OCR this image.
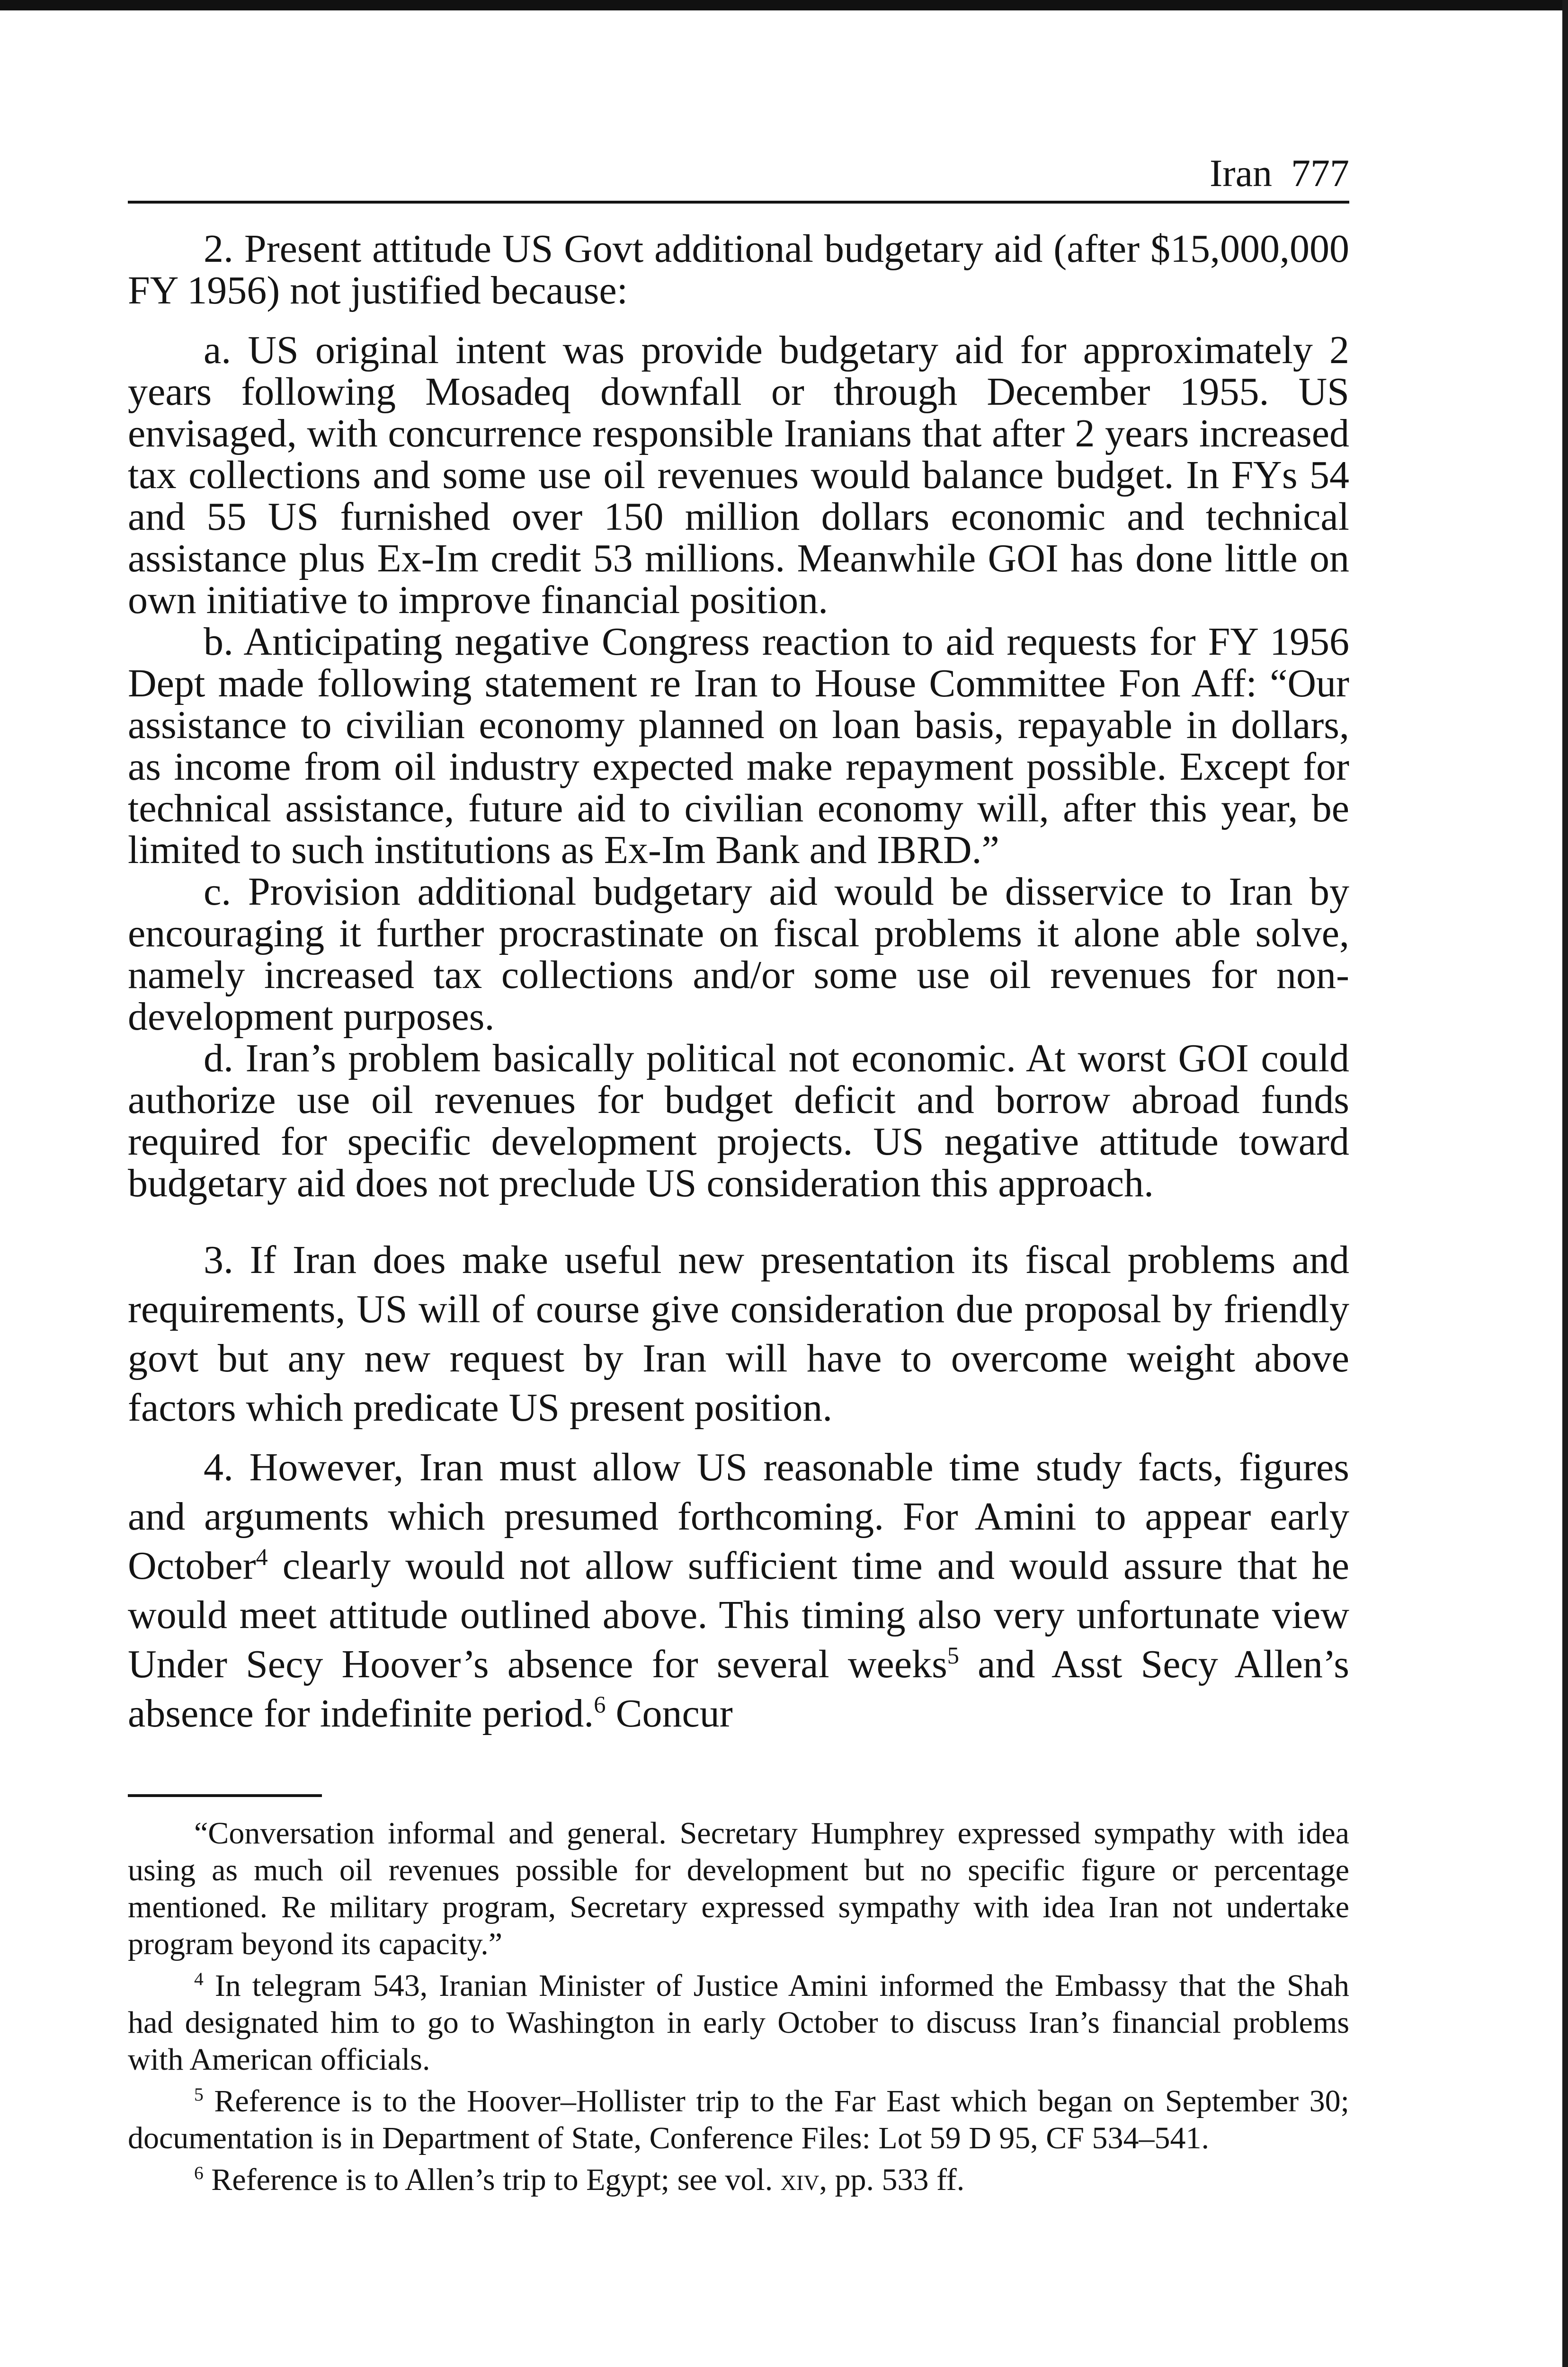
Iran 777

2. Present attitude US Govt additional budgetary aid (after $15,000,000 FY 1956) not justified because:

a. US original intent was provide budgetary aid for approximately 2 years following Mosadeq downfall or through December 1955. US envisaged, with concurrence responsible Iranians that after 2 years increased tax collections and some use oil revenues would balance budget. In FYs 54 and 55 US furnished over 150 million dollars economic and technical assistance plus Ex-Im credit 53 millions. Meanwhile GOI has done little on own initiative to improve financial position.

b. Anticipating negative Congress reaction to aid requests for FY 1956 Dept made following statement re Iran to House Committee Fon Aff: “Our assistance to civilian economy planned on loan basis, repayable in dollars, as income from oil industry expected make repayment possible. Except for technical assistance, future aid to civilian economy will, after this year, be limited to such institutions as Ex-Im Bank and IBRD.”

c. Provision additional budgetary aid would be disservice to Iran by encouraging it further procrastinate on fiscal problems it alone able solve, namely increased tax collections and/or some use oil revenues for non-development purposes.

d. Iran’s problem basically political not economic. At worst GOI could authorize use oil revenues for budget deficit and borrow abroad funds required for specific development projects. US negative attitude toward budgetary aid does not preclude US consideration this approach.

3. If Iran does make useful new presentation its fiscal problems and requirements, US will of course give consideration due proposal by friendly govt but any new request by Iran will have to overcome weight above factors which predicate US present position.

4. However, Iran must allow US reasonable time study facts, figures and arguments which presumed forthcoming. For Amini to appear early October$^4$ clearly would not allow sufficient time and would assure that he would meet attitude outlined above. This timing also very unfortunate view Under Secy Hoover’s absence for several weeks$^5$ and Asst Secy Allen’s absence for indefinite period.$^6$ Concur

“Conversation informal and general. Secretary Humphrey expressed sympathy with idea using as much oil revenues possible for development but no specific figure or percentage mentioned. Re military program, Secretary expressed sympathy with idea Iran not undertake program beyond its capacity.”

$^4$ In telegram 543, Iranian Minister of Justice Amini informed the Embassy that the Shah had designated him to go to Washington in early October to discuss Iran’s financial problems with American officials.

$^5$ Reference is to the Hoover–Hollister trip to the Far East which began on September 30; documentation is in Department of State, Conference Files: Lot 59 D 95, CF 534–541.

$^6$ Reference is to Allen’s trip to Egypt; see vol. xiv, pp. 533 ff.
